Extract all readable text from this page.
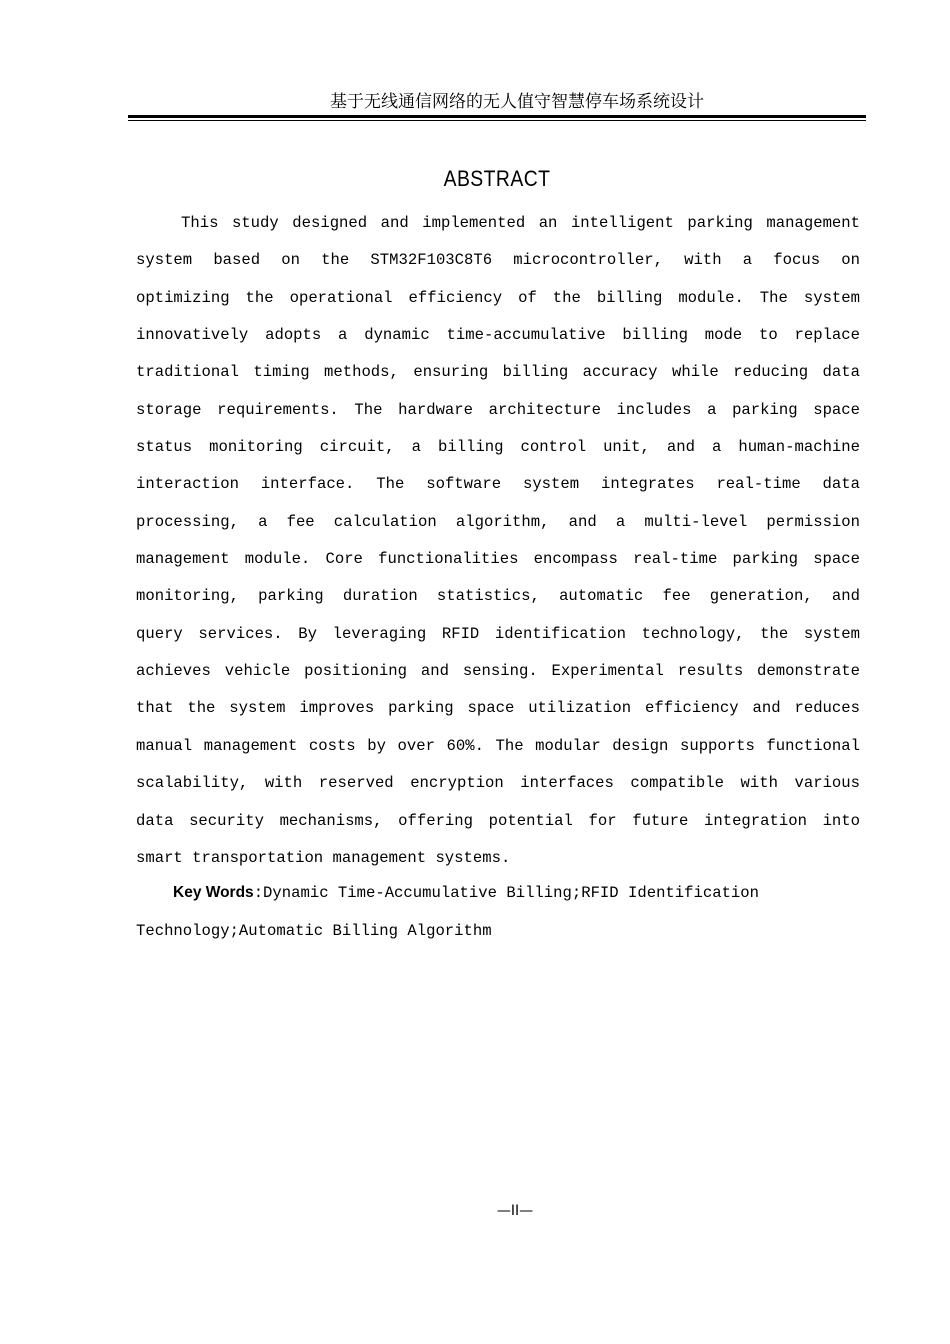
基于无线通信网络的无人值守智慧停车场系统设计
ABSTRACT
This study designed and implemented an intelligent parking management
system based on the STM32F103C8T6 microcontroller, with a focus on
optimizing the operational efficiency of the billing module. The system
innovatively adopts a dynamic time-accumulative billing mode to replace
traditional timing methods, ensuring billing accuracy while reducing data
storage requirements. The hardware architecture includes a parking space
status monitoring circuit, a billing control unit, and a human-machine
interaction interface. The software system integrates real-time data
processing, a fee calculation algorithm, and a multi-level permission
management module. Core functionalities encompass real-time parking space
monitoring, parking duration statistics, automatic fee generation, and
query services. By leveraging RFID identification technology, the system
achieves vehicle positioning and sensing. Experimental results demonstrate
that the system improves parking space utilization efficiency and reduces
manual management costs by over 60%. The modular design supports functional
scalability, with reserved encryption interfaces compatible with various
data security mechanisms, offering potential for future integration into
smart transportation management systems.
Key Words:Dynamic Time-Accumulative Billing;RFID Identification
Technology;Automatic Billing Algorithm
—II—
